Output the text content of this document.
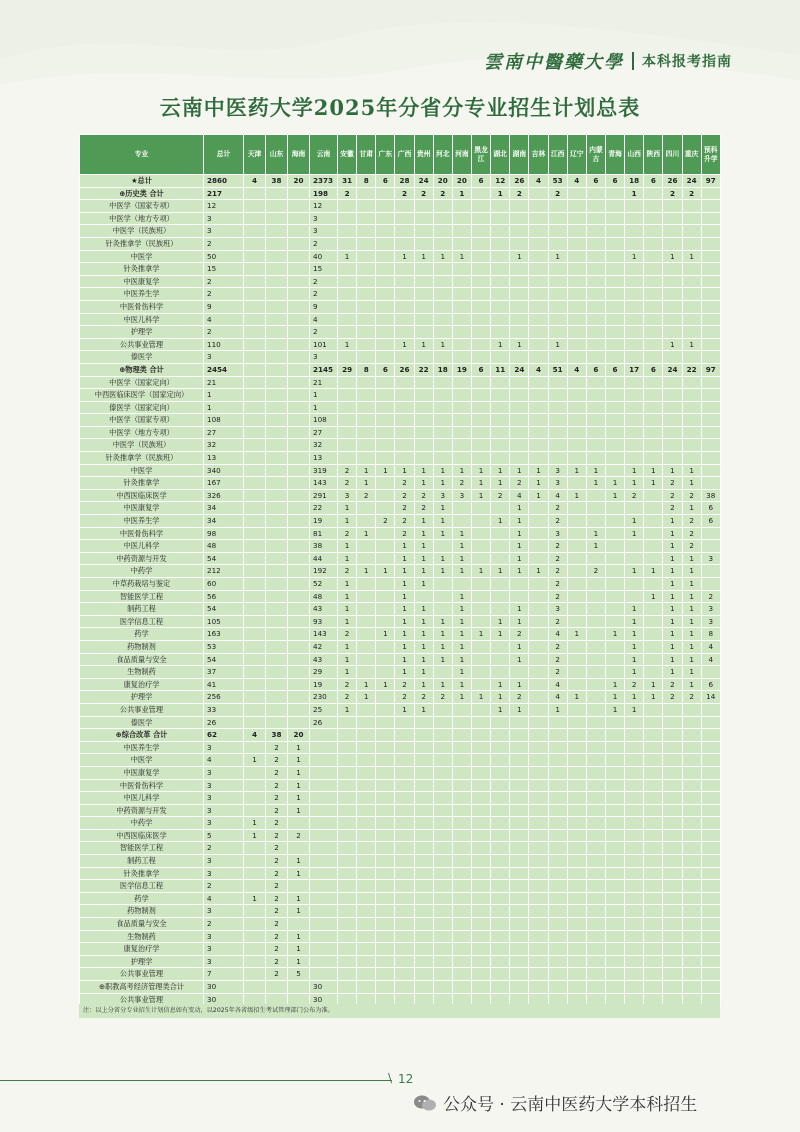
雲南中醫藥大學 本科报考指南
云南中医药大学2025年分省分专业招生计划总表
专业	总计	天津	山东	海南	云南	安徽	甘肃	广东	广西	贵州	河北	河南	黑龙江	湖北	湖南	吉林	江西	辽宁	内蒙古	青海	山西	陕西	四川	重庆	预科升学
★总计	2860	4	38	20	2373	31	8	6	28	24	20	20	6	12	26	4	53	4	6	6	18	6	26	24	97
⊕历史类 合计	217				198	2			2	2	2	1		1	2		2				1		2	2	
中医学（国家专项）	12				12																				
中医学（地方专项）	3				3																				
中医学（民族班）	3				3																				
针灸推拿学（民族班）	2				2																				
中医学	50				40	1			1	1	1	1			1		1				1		1	1	
针灸推拿学	15				15																				
中医康复学	2				2																				
中医养生学	2				2																				
中医骨伤科学	9				9																				
中医儿科学	4				4																				
护理学	2				2																				
公共事业管理	110				101	1			1	1	1			1	1		1						1	1	
傣医学	3				3																				
⊕物理类 合计	2454				2145	29	8	6	26	22	18	19	6	11	24	4	51	4	6	6	17	6	24	22	97
中医学（国家定向）	21				21																				
中西医临床医学（国家定向）	1				1																				
傣医学（国家定向）	1				1																				
中医学（国家专项）	108				108																				
中医学（地方专项）	27				27																				
中医学（民族班）	32				32																				
针灸推拿学（民族班）	13				13																				
中医学	340				319	2	1	1	1	1	1	1	1	1	1	1	3	1	1		1	1	1	1	
针灸推拿学	167				143	2	1		2	1	1	2	1	1	2	1	3		1	1	1	1	2	1	
中西医临床医学	326				291	3	2		2	2	3	3	1	2	4	1	4	1		1	2		2	2	38
中医康复学	34				22	1			2	2	1				1		2						2	1	6
中医养生学	34				19	1		2	2	1	1			1	1		2				1		1	2	6
中医骨伤科学	98				81	2	1		2	1	1	1			1		3		1		1		1	2	
中医儿科学	48				38	1			1	1		1			1		2		1				1	2	
中药资源与开发	54				44	1			1	1	1	1			1		2						1	1	3
中药学	212				192	2	1	1	1	1	1	1	1	1	1	1	2		2		1	1	1	1	
中草药栽培与鉴定	60				52	1			1	1							2						1	1	
智能医学工程	56				48	1			1			1					2					1	1	1	2
制药工程	54				43	1			1	1		1			1		3				1		1	1	3
医学信息工程	105				93	1			1	1	1	1		1	1		2				1		1	1	3
药学	163				143	2		1	1	1	1	1	1	1	2		4	1		1	1		1	1	8
药物制剂	53				42	1			1	1	1	1			1		2				1		1	1	4
食品质量与安全	54				43	1			1	1	1	1			1		2				1		1	1	4
生物制药	37				29	1			1	1		1					2				1		1	1	
康复治疗学	41				19	2	1	1	2	1	1	1		1	1		4			1	2	1	2	1	6
护理学	256				230	2	1		2	2	2	1	1	1	2		4	1		1	1	1	2	2	14
公共事业管理	33				25	1			1	1				1	1		1			1	1				
傣医学	26				26																				
⊕综合改革 合计	62	4	38	20																					
中医养生学	3		2	1																					
中医学	4	1	2	1																					
中医康复学	3		2	1																					
中医骨伤科学	3		2	1																					
中医儿科学	3		2	1																					
中药资源与开发	3		2	1																					
中药学	3	1	2																						
中西医临床医学	5	1	2	2																					
智能医学工程	2		2																						
制药工程	3		2	1																					
针灸推拿学	3		2	1																					
医学信息工程	2		2																						
药学	4	1	2	1																					
药物制剂	3		2	1																					
食品质量与安全	2		2																						
生物制药	3		2	1																					
康复治疗学	3		2	1																					
护理学	3		2	1																					
公共事业管理	7		2	5																					
⊕职教高考经济管理类合计	30				30																				
公共事业管理	30				30																				
注：以上分省分专业招生计划信息如有变动，以2025年各省级招生考试管理部门公布为准。
\ 12
公众号 · 云南中医药大学本科招生
